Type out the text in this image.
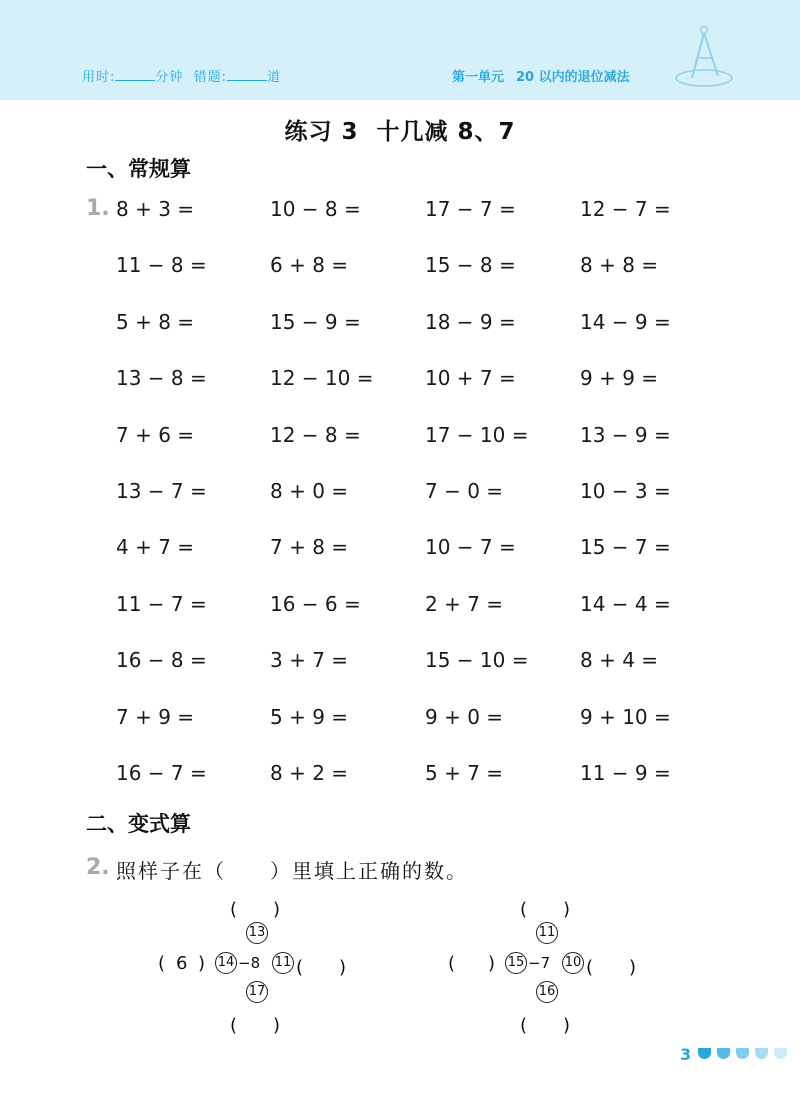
用时:	分钟 错题:	道	第一单元 20 以内的退位减法
练习 3 十几减 8、7
一、常规算
1. 8 + 3 =	10 − 8 =	17 − 7 =	12 − 7 =
11 − 8 =	6 + 8 =	15 − 8 =	8 + 8 =
5 + 8 =	15 − 9 =	18 − 9 =	14 − 9 =
13 − 8 =	12 − 10 =	10 + 7 =	9 + 9 =
7 + 6 =	12 − 8 =	17 − 10 =	13 − 9 =
13 − 7 =	8 + 0 =	7 − 0 =	10 − 3 =
4 + 7 =	7 + 8 =	10 − 7 =	15 − 7 =
11 − 7 =	16 − 6 =	2 + 7 =	14 − 4 =
16 − 8 =	3 + 7 =	15 − 10 =	8 + 4 =
7 + 9 =	5 + 9 =	9 + 0 =	9 + 10 =
16 − 7 =	8 + 2 =	5 + 7 =	11 − 9 =
二、变式算
2. 照样子在（　　）里填上正确的数。
(　　)
13
( 6 ) 14 −8 11 (　　)
17
(　　)
(　　)
11
( ) 15 −7 10 (　　)
16
(　　)
3
